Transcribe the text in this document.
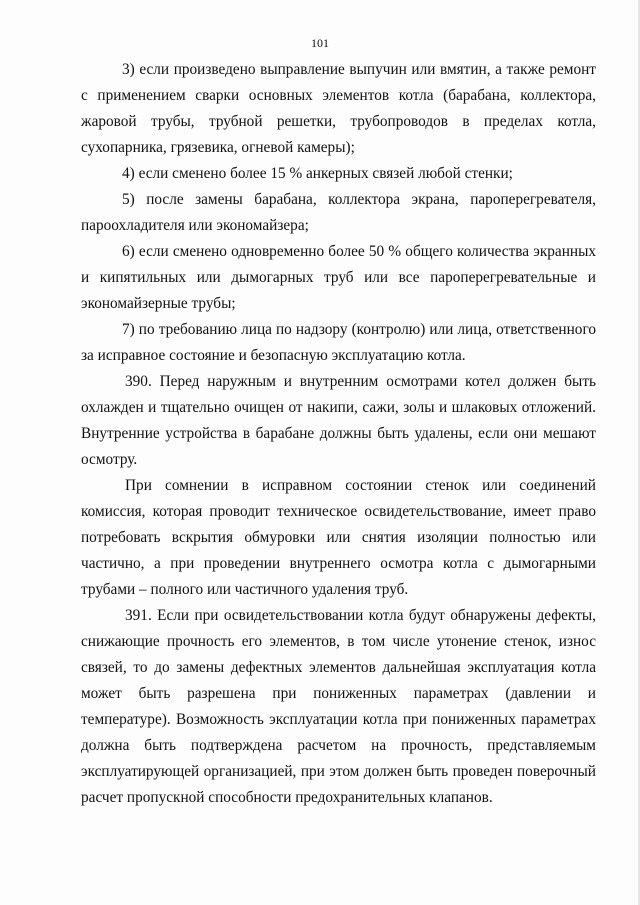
101

3) если произведено выправление выпучин или вмятин, а также ремонт с применением сварки основных элементов котла (барабана, коллектора, жаровой трубы, трубной решетки, трубопроводов в пределах котла, сухопарника, грязевика, огневой камеры);

4) если сменено более 15 % анкерных связей любой стенки;

5) после замены барабана, коллектора экрана, пароперегревателя, пароохладителя или экономайзера;

6) если сменено одновременно более 50 % общего количества экранных и кипятильных или дымогарных труб или все пароперегревательные и экономайзерные трубы;

7) по требованию лица по надзору (контролю) или лица, ответственного за исправное состояние и безопасную эксплуатацию котла.

390. Перед наружным и внутренним осмотрами котел должен быть охлажден и тщательно очищен от накипи, сажи, золы и шлаковых отложений. Внутренние устройства в барабане должны быть удалены, если они мешают осмотру.

При сомнении в исправном состоянии стенок или соединений комиссия, которая проводит техническое освидетельствование, имеет право потребовать вскрытия обмуровки или снятия изоляции полностью или частично, а при проведении внутреннего осмотра котла с дымогарными трубами – полного или частичного удаления труб.

391. Если при освидетельствовании котла будут обнаружены дефекты, снижающие прочность его элементов, в том числе утонение стенок, износ связей, то до замены дефектных элементов дальнейшая эксплуатация котла может быть разрешена при пониженных параметрах (давлении и температуре). Возможность эксплуатации котла при пониженных параметрах должна быть подтверждена расчетом на прочность, представляемым эксплуатирующей организацией, при этом должен быть проведен поверочный расчет пропускной способности предохранительных клапанов.
